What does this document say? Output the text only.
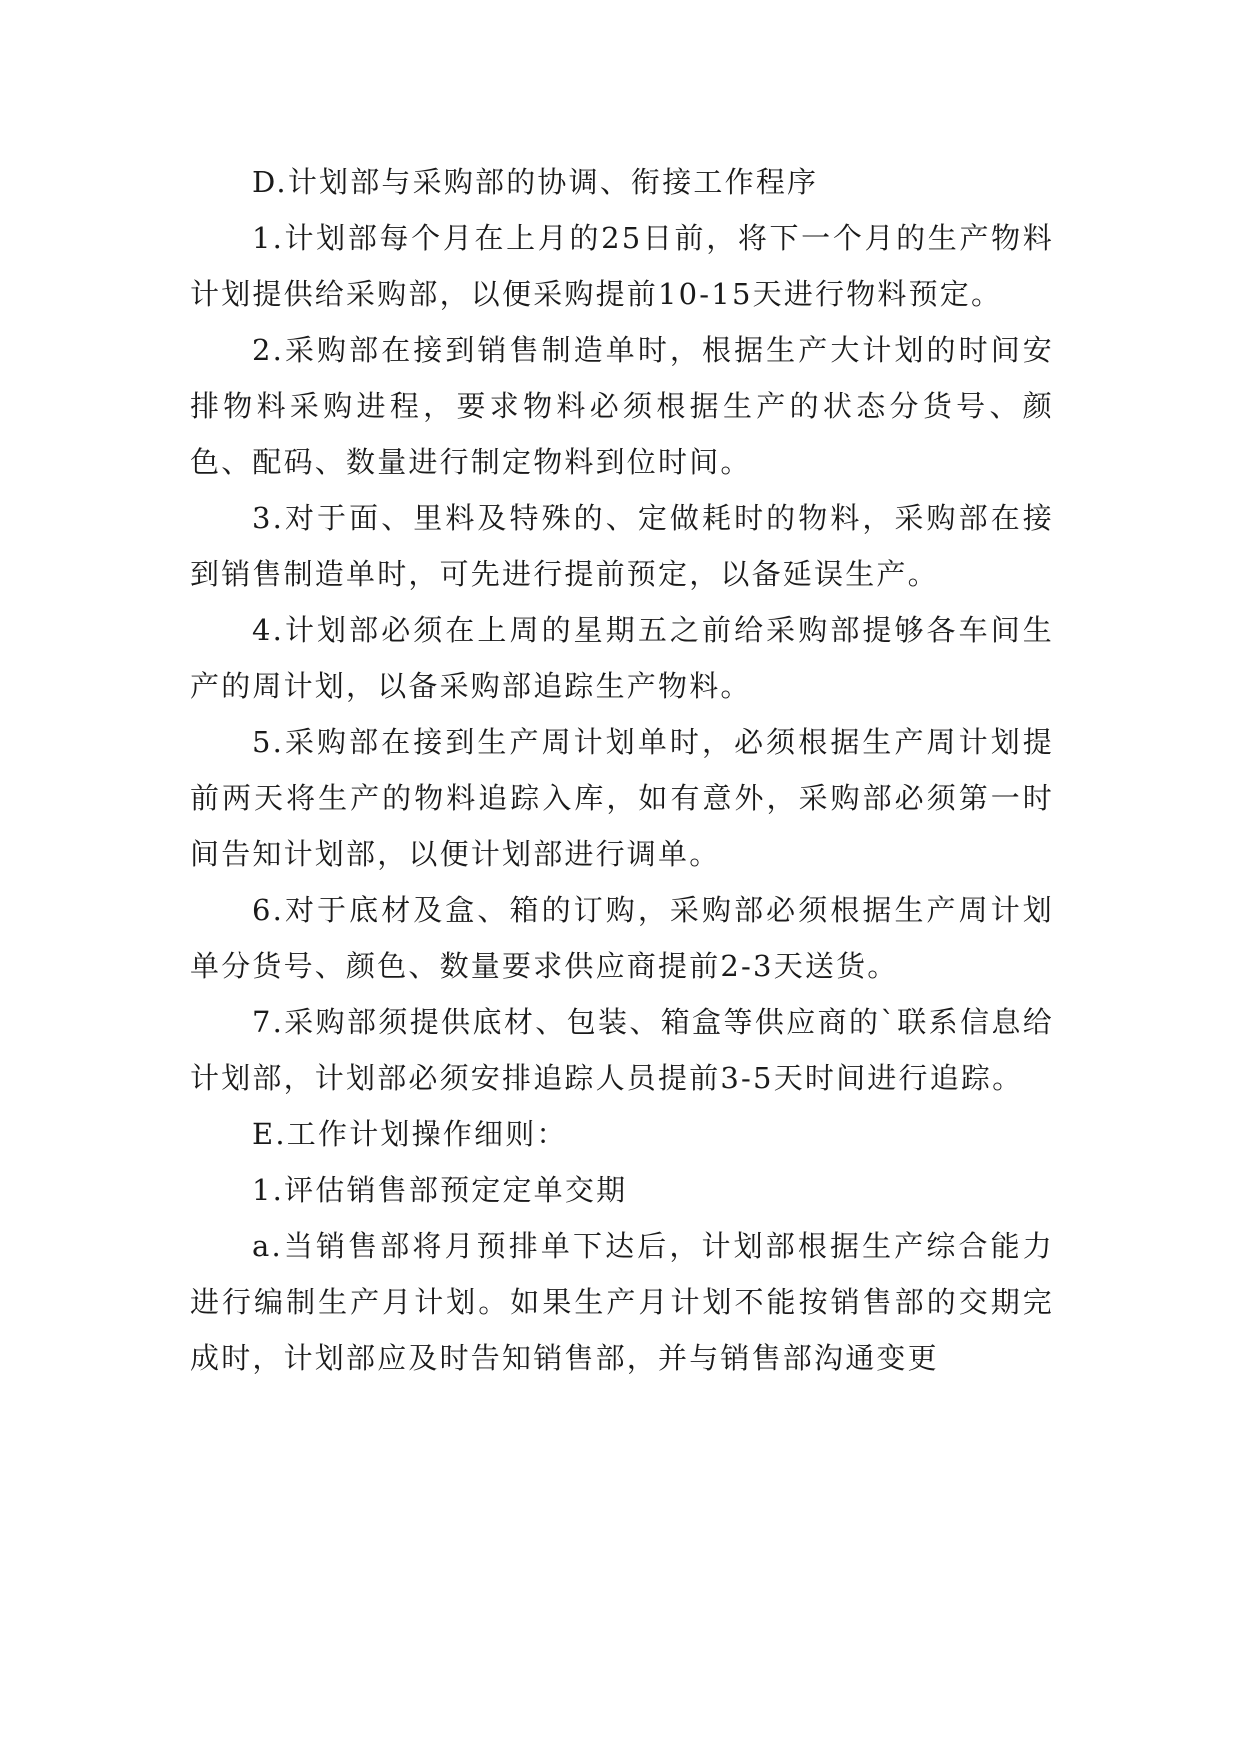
D.计划部与采购部的协调、衔接工作程序

1.计划部每个月在上月的25日前，将下一个月的生产物料计划提供给采购部，以便采购提前10-15天进行物料预定。

2.采购部在接到销售制造单时，根据生产大计划的时间安排物料采购进程，要求物料必须根据生产的状态分货号、颜色、配码、数量进行制定物料到位时间。

3.对于面、里料及特殊的、定做耗时的物料，采购部在接到销售制造单时，可先进行提前预定，以备延误生产。

4.计划部必须在上周的星期五之前给采购部提够各车间生产的周计划，以备采购部追踪生产物料。

5.采购部在接到生产周计划单时，必须根据生产周计划提前两天将生产的物料追踪入库，如有意外，采购部必须第一时间告知计划部，以便计划部进行调单。

6.对于底材及盒、箱的订购，采购部必须根据生产周计划单分货号、颜色、数量要求供应商提前2-3天送货。

7.采购部须提供底材、包装、箱盒等供应商的`联系信息给计划部，计划部必须安排追踪人员提前3-5天时间进行追踪。

E.工作计划操作细则：

1.评估销售部预定定单交期

a.当销售部将月预排单下达后，计划部根据生产综合能力进行编制生产月计划。如果生产月计划不能按销售部的交期完成时，计划部应及时告知销售部，并与销售部沟通变更
